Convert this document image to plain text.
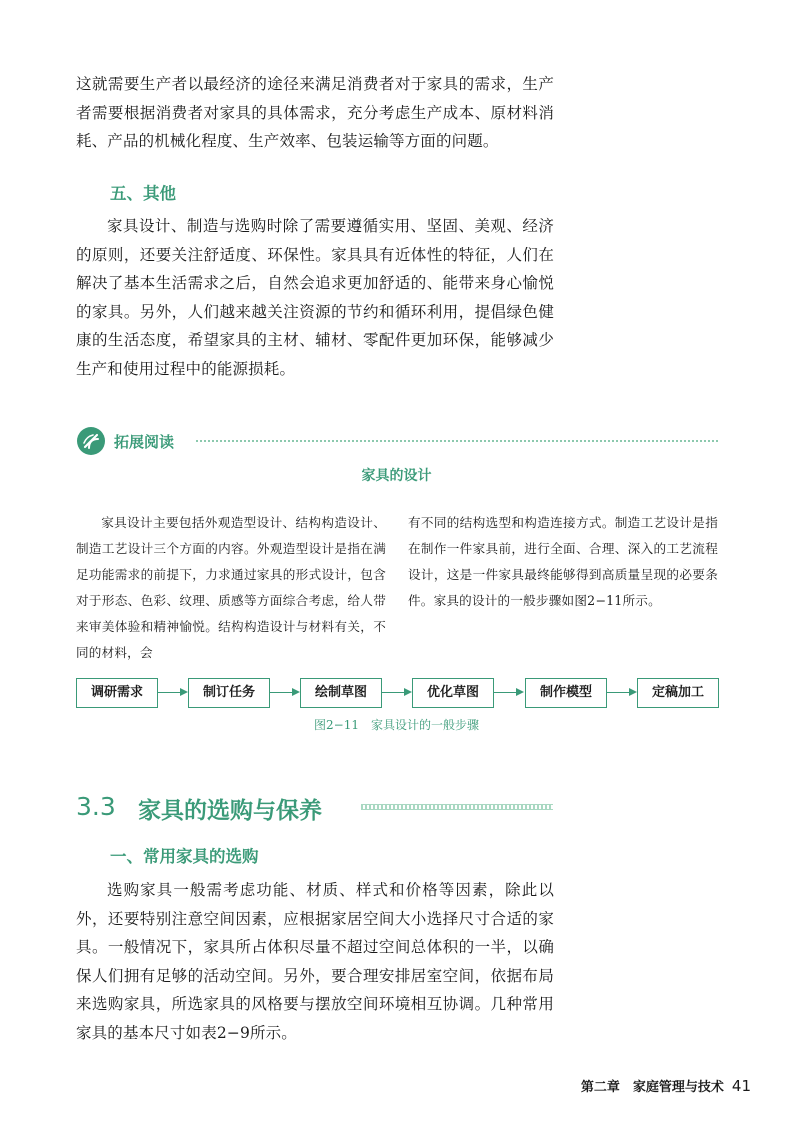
这就需要生产者以最经济的途径来满足消费者对于家具的需求，生产者需要根据消费者对家具的具体需求，充分考虑生产成本、原材料消耗、产品的机械化程度、生产效率、包装运输等方面的问题。

五、其他

家具设计、制造与选购时除了需要遵循实用、坚固、美观、经济的原则，还要关注舒适度、环保性。家具具有近体性的特征，人们在解决了基本生活需求之后，自然会追求更加舒适的、能带来身心愉悦的家具。另外，人们越来越关注资源的节约和循环利用，提倡绿色健康的生活态度，希望家具的主材、辅材、零配件更加环保，能够减少生产和使用过程中的能源损耗。

拓展阅读
家具的设计

家具设计主要包括外观造型设计、结构构造设计、制造工艺设计三个方面的内容。外观造型设计是指在满足功能需求的前提下，力求通过家具的形式设计，包含对于形态、色彩、纹理、质感等方面综合考虑，给人带来审美体验和精神愉悦。结构构造设计与材料有关，不同的材料，会

有不同的结构选型和构造连接方式。制造工艺设计是指在制作一件家具前，进行全面、合理、深入的工艺流程设计，这是一件家具最终能够得到高质量呈现的必要条件。家具的设计的一般步骤如图2−11所示。

调研需求	制订任务	绘制草图	优化草图	制作模型	定稿加工
图2−11　家具设计的一般步骤
3.3 家具的选购与保养
一、常用家具的选购

选购家具一般需考虑功能、材质、样式和价格等因素，除此以外，还要特别注意空间因素，应根据家居空间大小选择尺寸合适的家具。一般情况下，家具所占体积尽量不超过空间总体积的一半，以确保人们拥有足够的活动空间。另外，要合理安排居室空间，依据布局来选购家具，所选家具的风格要与摆放空间环境相互协调。几种常用家具的基本尺寸如表2−9所示。

第二章　家庭管理与技术 41
